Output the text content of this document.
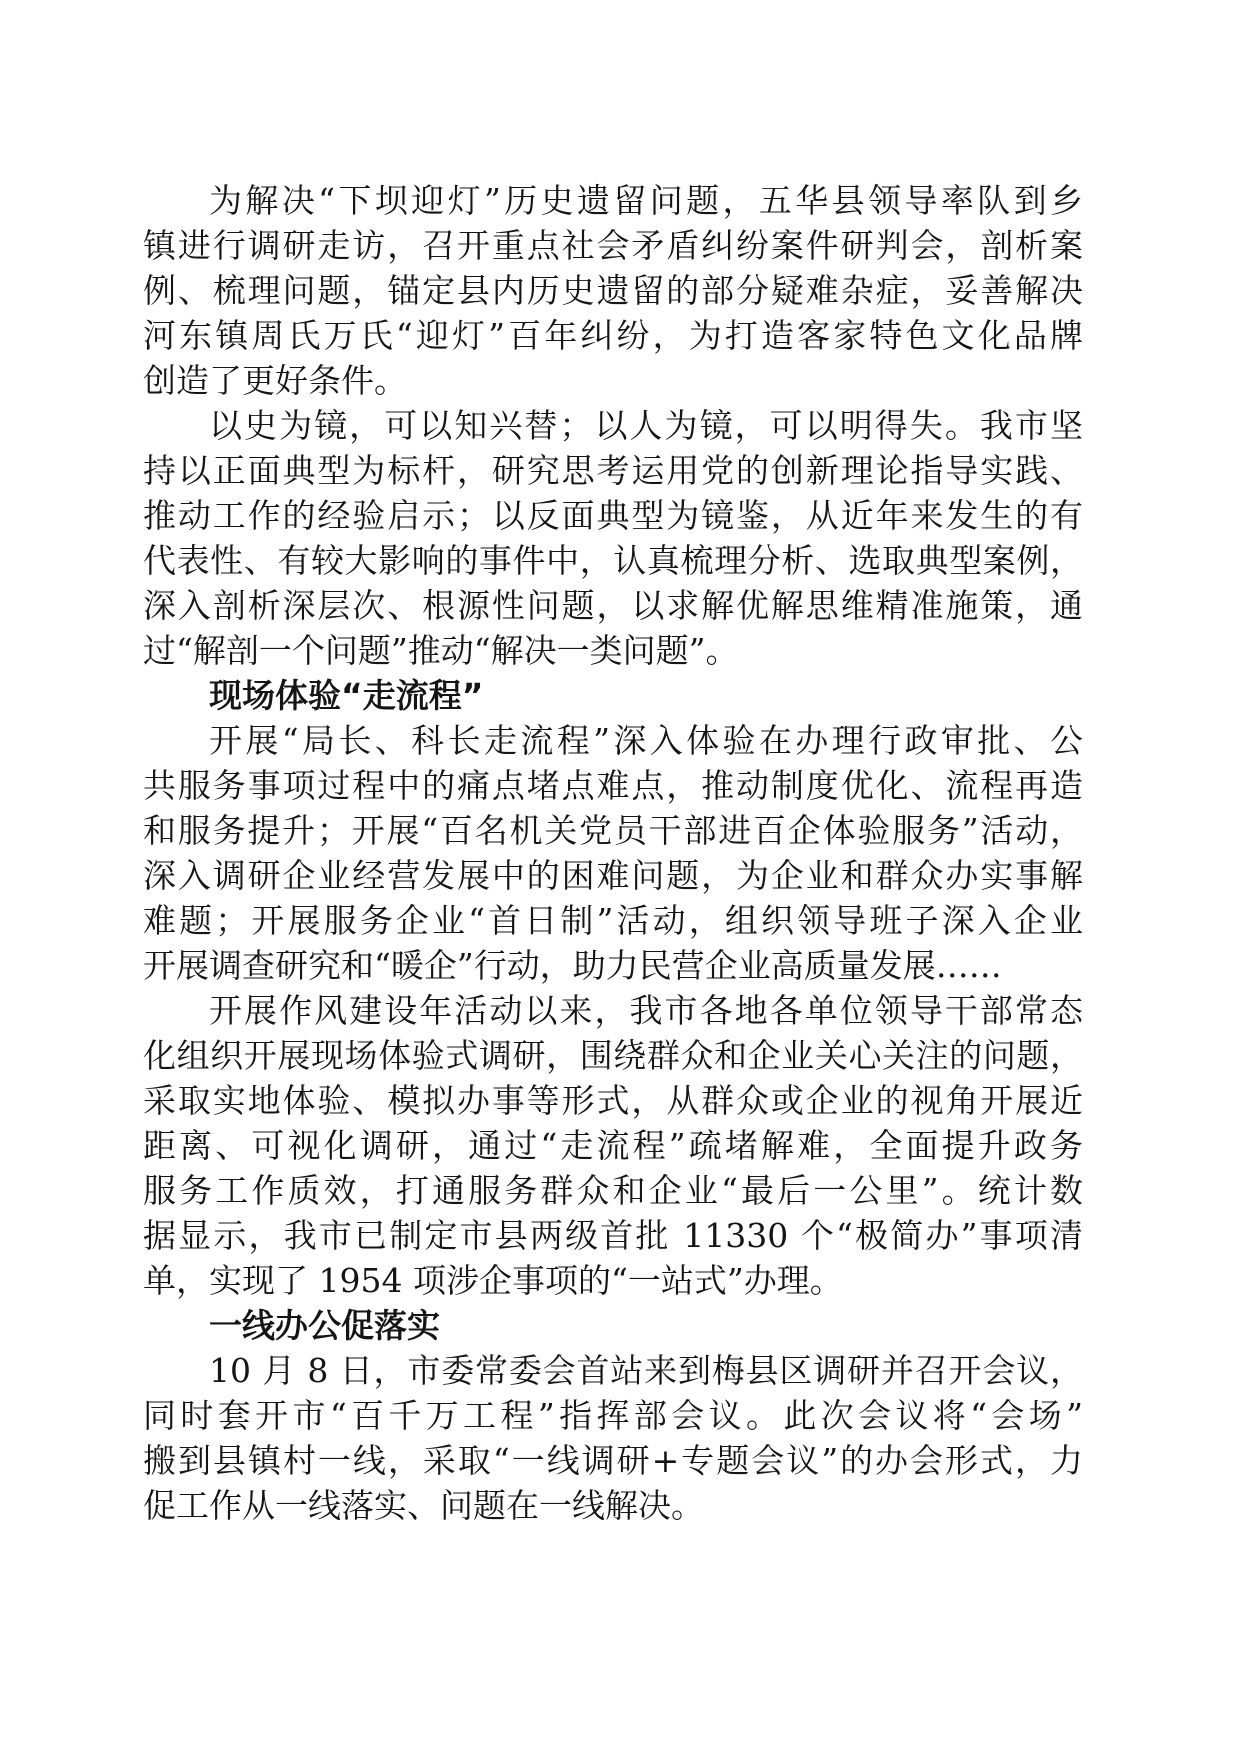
为解决“下坝迎灯”历史遗留问题，五华县领导率队到乡
镇进行调研走访，召开重点社会矛盾纠纷案件研判会，剖析案
例、梳理问题，锚定县内历史遗留的部分疑难杂症，妥善解决
河东镇周氏万氏“迎灯”百年纠纷，为打造客家特色文化品牌
创造了更好条件。
以史为镜，可以知兴替；以人为镜，可以明得失。我市坚
持以正面典型为标杆，研究思考运用党的创新理论指导实践、
推动工作的经验启示；以反面典型为镜鉴，从近年来发生的有
代表性、有较大影响的事件中，认真梳理分析、选取典型案例，
深入剖析深层次、根源性问题，以求解优解思维精准施策，通
过“解剖一个问题”推动“解决一类问题”。
现场体验“走流程”
开展“局长、科长走流程”深入体验在办理行政审批、公
共服务事项过程中的痛点堵点难点，推动制度优化、流程再造
和服务提升；开展“百名机关党员干部进百企体验服务”活动，
深入调研企业经营发展中的困难问题，为企业和群众办实事解
难题；开展服务企业“首日制”活动，组织领导班子深入企业
开展调查研究和“暖企”行动，助力民营企业高质量发展……
开展作风建设年活动以来，我市各地各单位领导干部常态
化组织开展现场体验式调研，围绕群众和企业关心关注的问题，
采取实地体验、模拟办事等形式，从群众或企业的视角开展近
距离、可视化调研，通过“走流程”疏堵解难，全面提升政务
服务工作质效，打通服务群众和企业“最后一公里”。统计数
据显示，我市已制定市县两级首批 11330 个“极简办”事项清
单，实现了 1954 项涉企事项的“一站式”办理。
一线办公促落实
10 月 8 日，市委常委会首站来到梅县区调研并召开会议，
同时套开市“百千万工程”指挥部会议。此次会议将“会场”
搬到县镇村一线，采取“一线调研+专题会议”的办会形式，力
促工作从一线落实、问题在一线解决。
